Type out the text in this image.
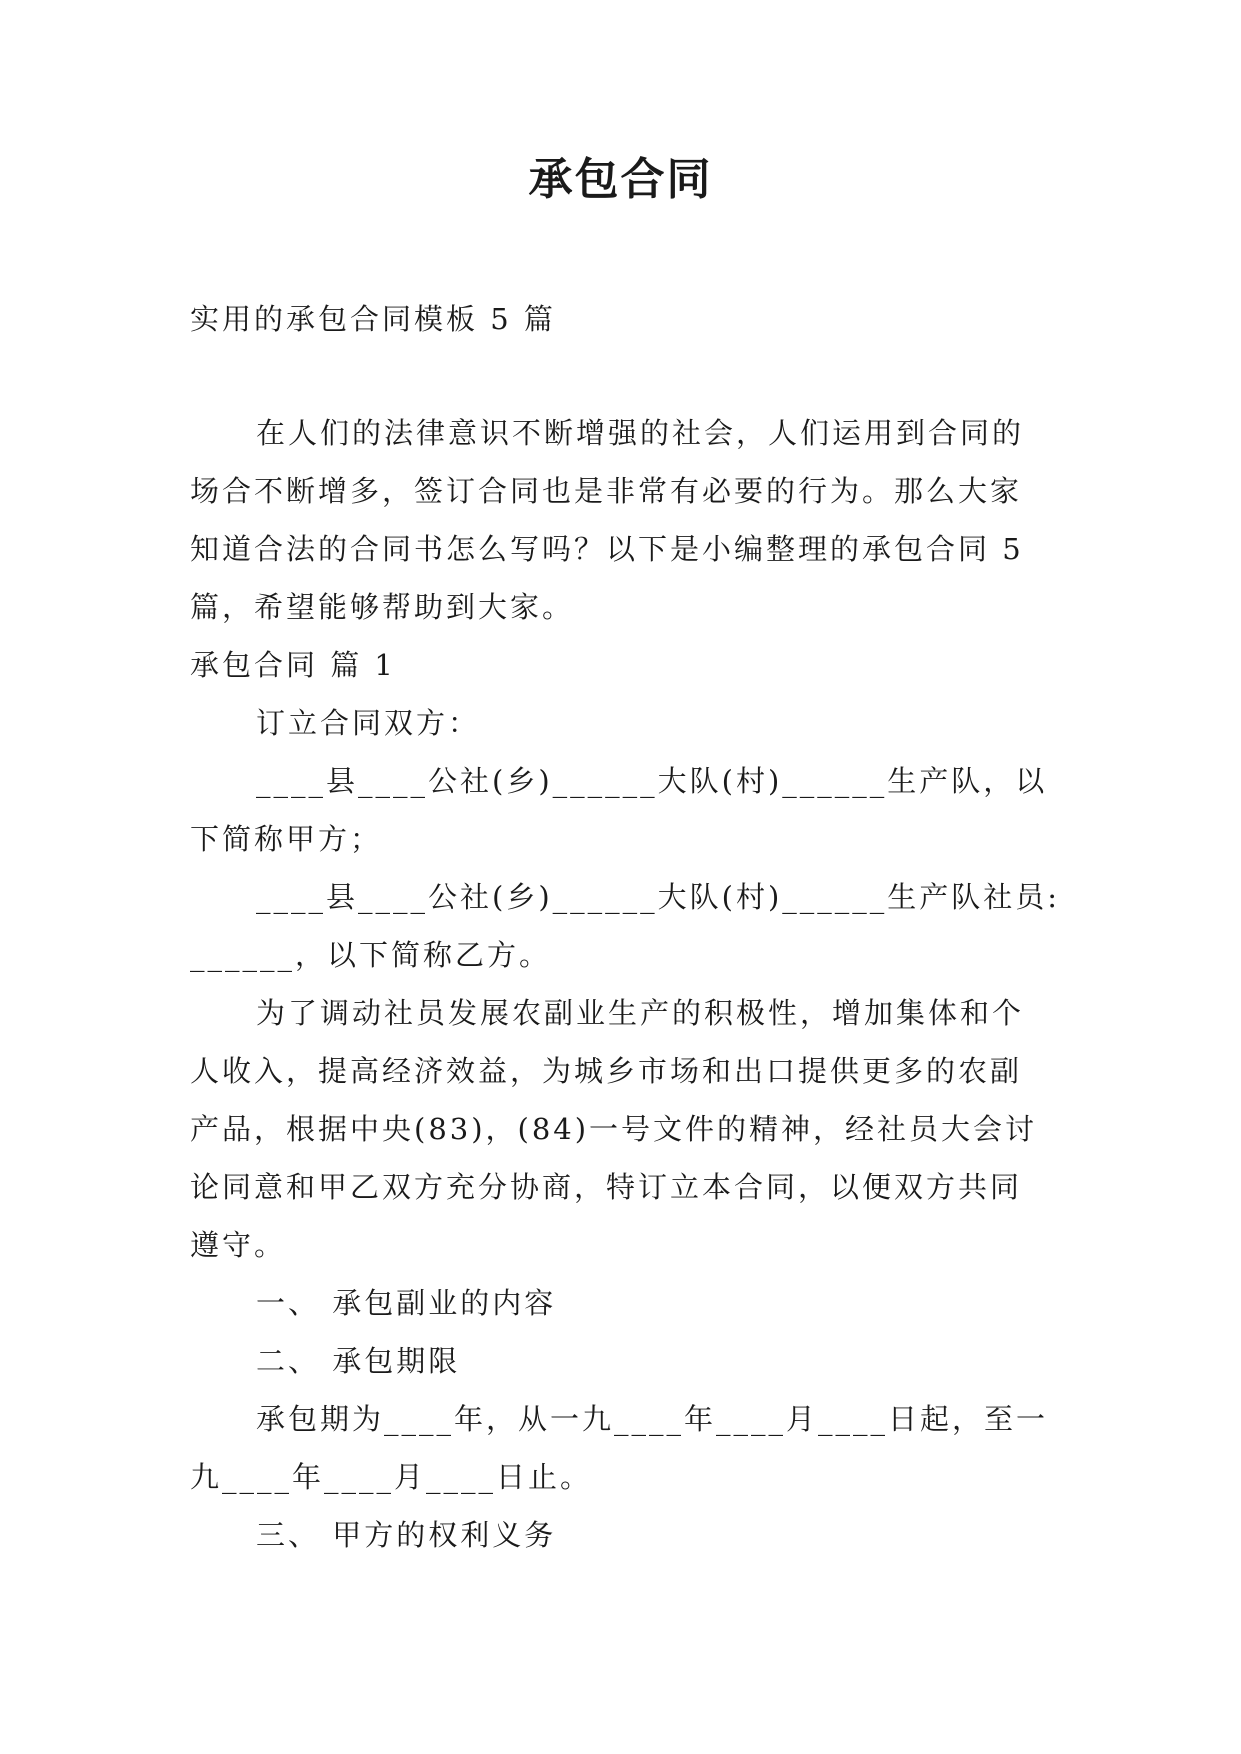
承包合同

实用的承包合同模板 5 篇

在人们的法律意识不断增强的社会，人们运用到合同的

场合不断增多，签订合同也是非常有必要的行为。那么大家

知道合法的合同书怎么写吗？以下是小编整理的承包合同 5

篇，希望能够帮助到大家。

承包合同 篇 1

订立合同双方：

____县____公社(乡)______大队(村)______生产队，以

下简称甲方；

____县____公社(乡)______大队(村)______生产队社员:

______，以下简称乙方。

为了调动社员发展农副业生产的积极性，增加集体和个

人收入，提高经济效益，为城乡市场和出口提供更多的农副

产品，根据中央(83)，(84)一号文件的精神，经社员大会讨

论同意和甲乙双方充分协商，特订立本合同，以便双方共同

遵守。

一、 承包副业的内容

二、 承包期限

承包期为____年，从一九____年____月____日起，至一

九____年____月____日止。

三、 甲方的权利义务
